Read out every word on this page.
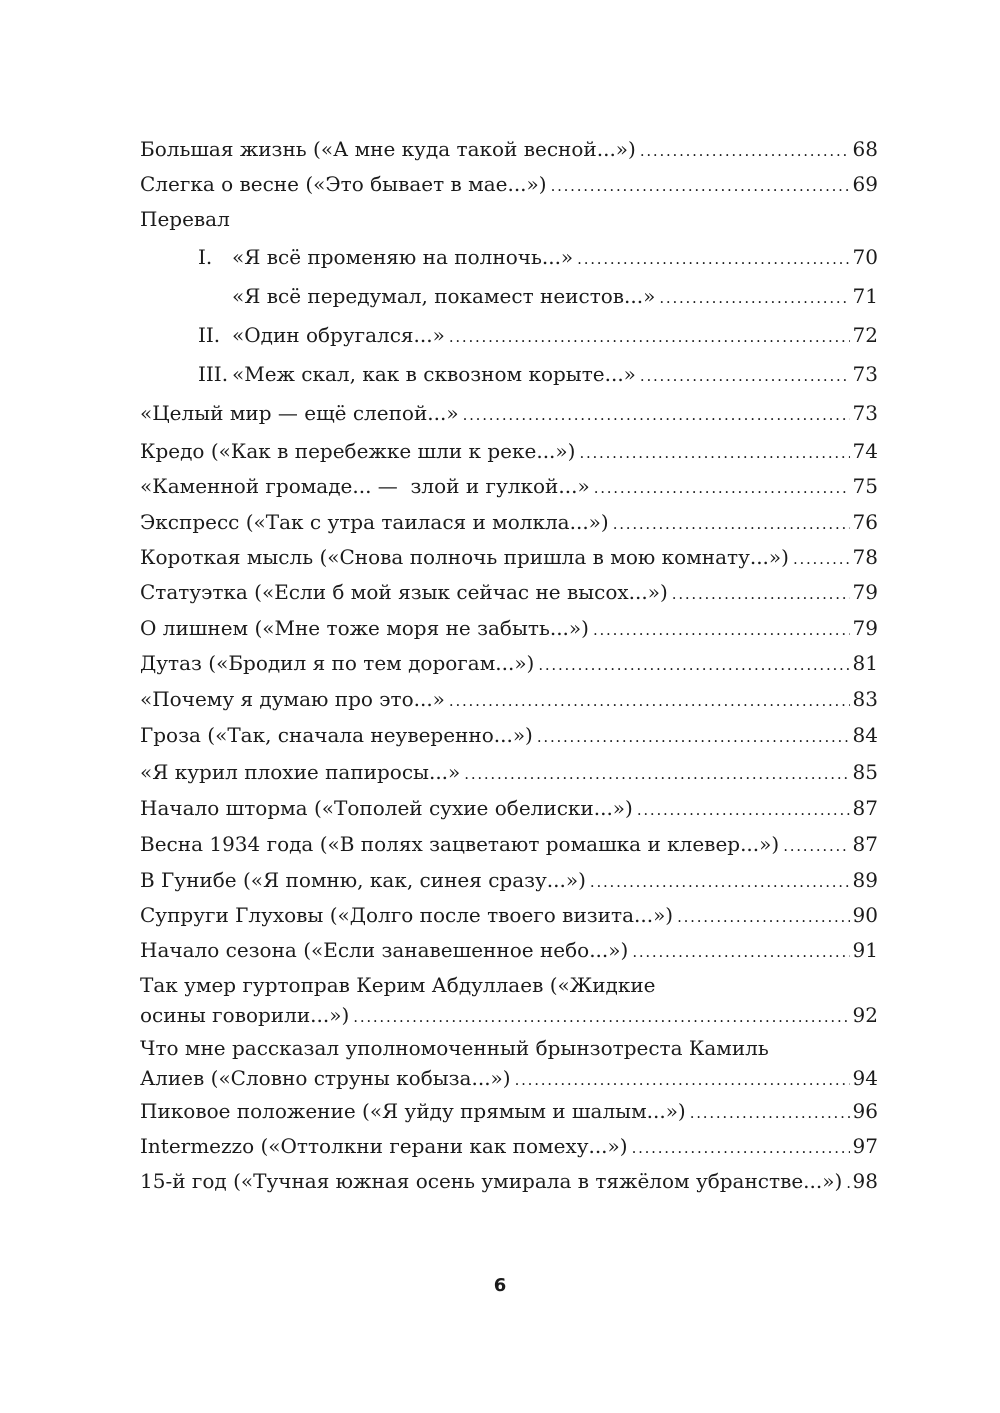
Большая жизнь («А мне куда такой весной...») . . .	68
Слегка о весне («Это бывает в мае...») . . .	69
Перевал
I. «Я всё променяю на полночь...» . . .	70
«Я всё передумал, покамест неистов...» . . .	71
II. «Один обругался...» . . .	72
III. «Меж скал, как в сквозном корыте...» . . .	73
«Целый мир — ещё слепой...» . . .	73
Кредо («Как в перебежке шли к реке...») . . .	74
«Каменной громаде... —  злой и гулкой...» . . .	75
Экспресс («Так с утра таилася и молкла...») . . .	76
Короткая мысль («Снова полночь пришла в мою комнату...») . . .	78
Статуэтка («Если б мой язык сейчас не высох...») . . .	79
О лишнем («Мне тоже моря не забыть...») . . .	79
Дутаз («Бродил я по тем дорогам...») . . .	81
«Почему я думаю про это...» . . .	83
Гроза («Так, сначала неуверенно...») . . .	84
«Я курил плохие папиросы...» . . .	85
Начало шторма («Тополей сухие обелиски...») . . .	87
Весна 1934 года («В полях зацветают ромашка и клевер...») . . .	87
В Гунибе («Я помню, как, синея сразу...») . . .	89
Супруги Глуховы («Долго после твоего визита...») . . .	90
Начало сезона («Если занавешенное небо...») . . .	91
Так умер гуртоправ Керим Абдуллаев («Жидкие
осины говорили...») . . .	92
Что мне рассказал уполномоченный брынзотреста Камиль
Алиев («Словно струны кобыза...») . . .	94
Пиковое положение («Я уйду прямым и шалым...») . . .	96
Intermezzo («Оттолкни герани как помеху...») . . .	97
15-й год («Тучная южная осень умирала в тяжёлом убранстве...») . . . 98
6
